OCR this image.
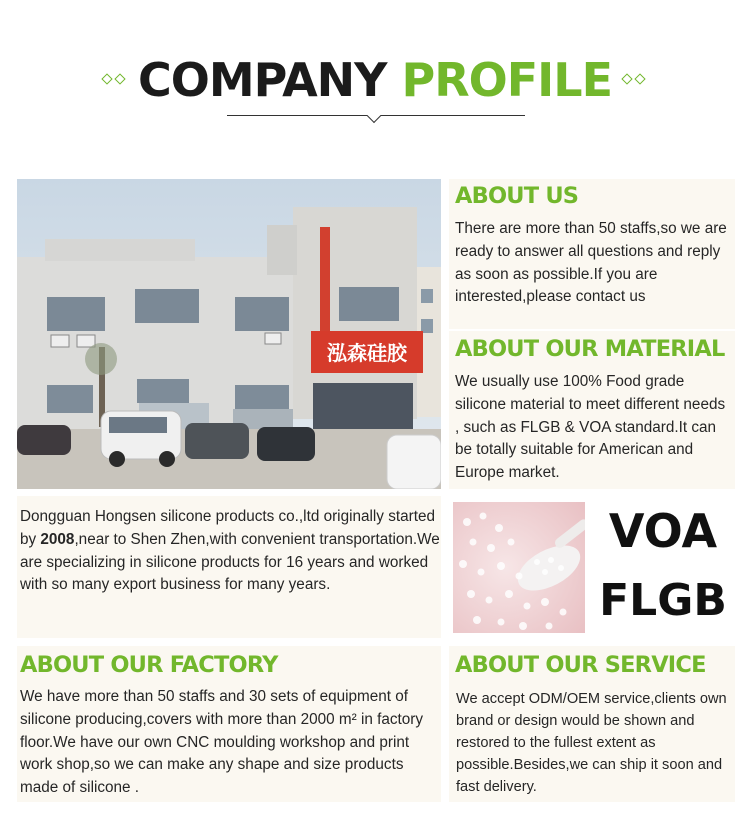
COMPANY PROFILE
泓森硅胶
ABOUT US
There are more than 50 staffs,so we are ready to answer all questions and reply as soon as possible.If you are interested,please contact us
ABOUT OUR MATERIAL
We usually use 100% Food grade silicone material to meet different needs , such as FLGB & VOA standard.It can be totally suitable for American and Europe market.
Dongguan Hongsen silicone products co.,ltd originally started by 2008,near to Shen Zhen,with convenient transportation.We are specializing in silicone products for 16 years and worked with so many export business for many years.
VOA
FLGB
ABOUT OUR FACTORY
We have more than 50 staffs and 30 sets of equipment of silicone producing,covers with more than 2000 m² in factory floor.We have our own CNC moulding workshop and print work shop,so we can make any shape and size products made of silicone .
ABOUT OUR SERVICE
We accept ODM/OEM service,clients own brand or design would be shown and restored to the fullest extent as possible.Besides,we can ship it soon and fast delivery.
